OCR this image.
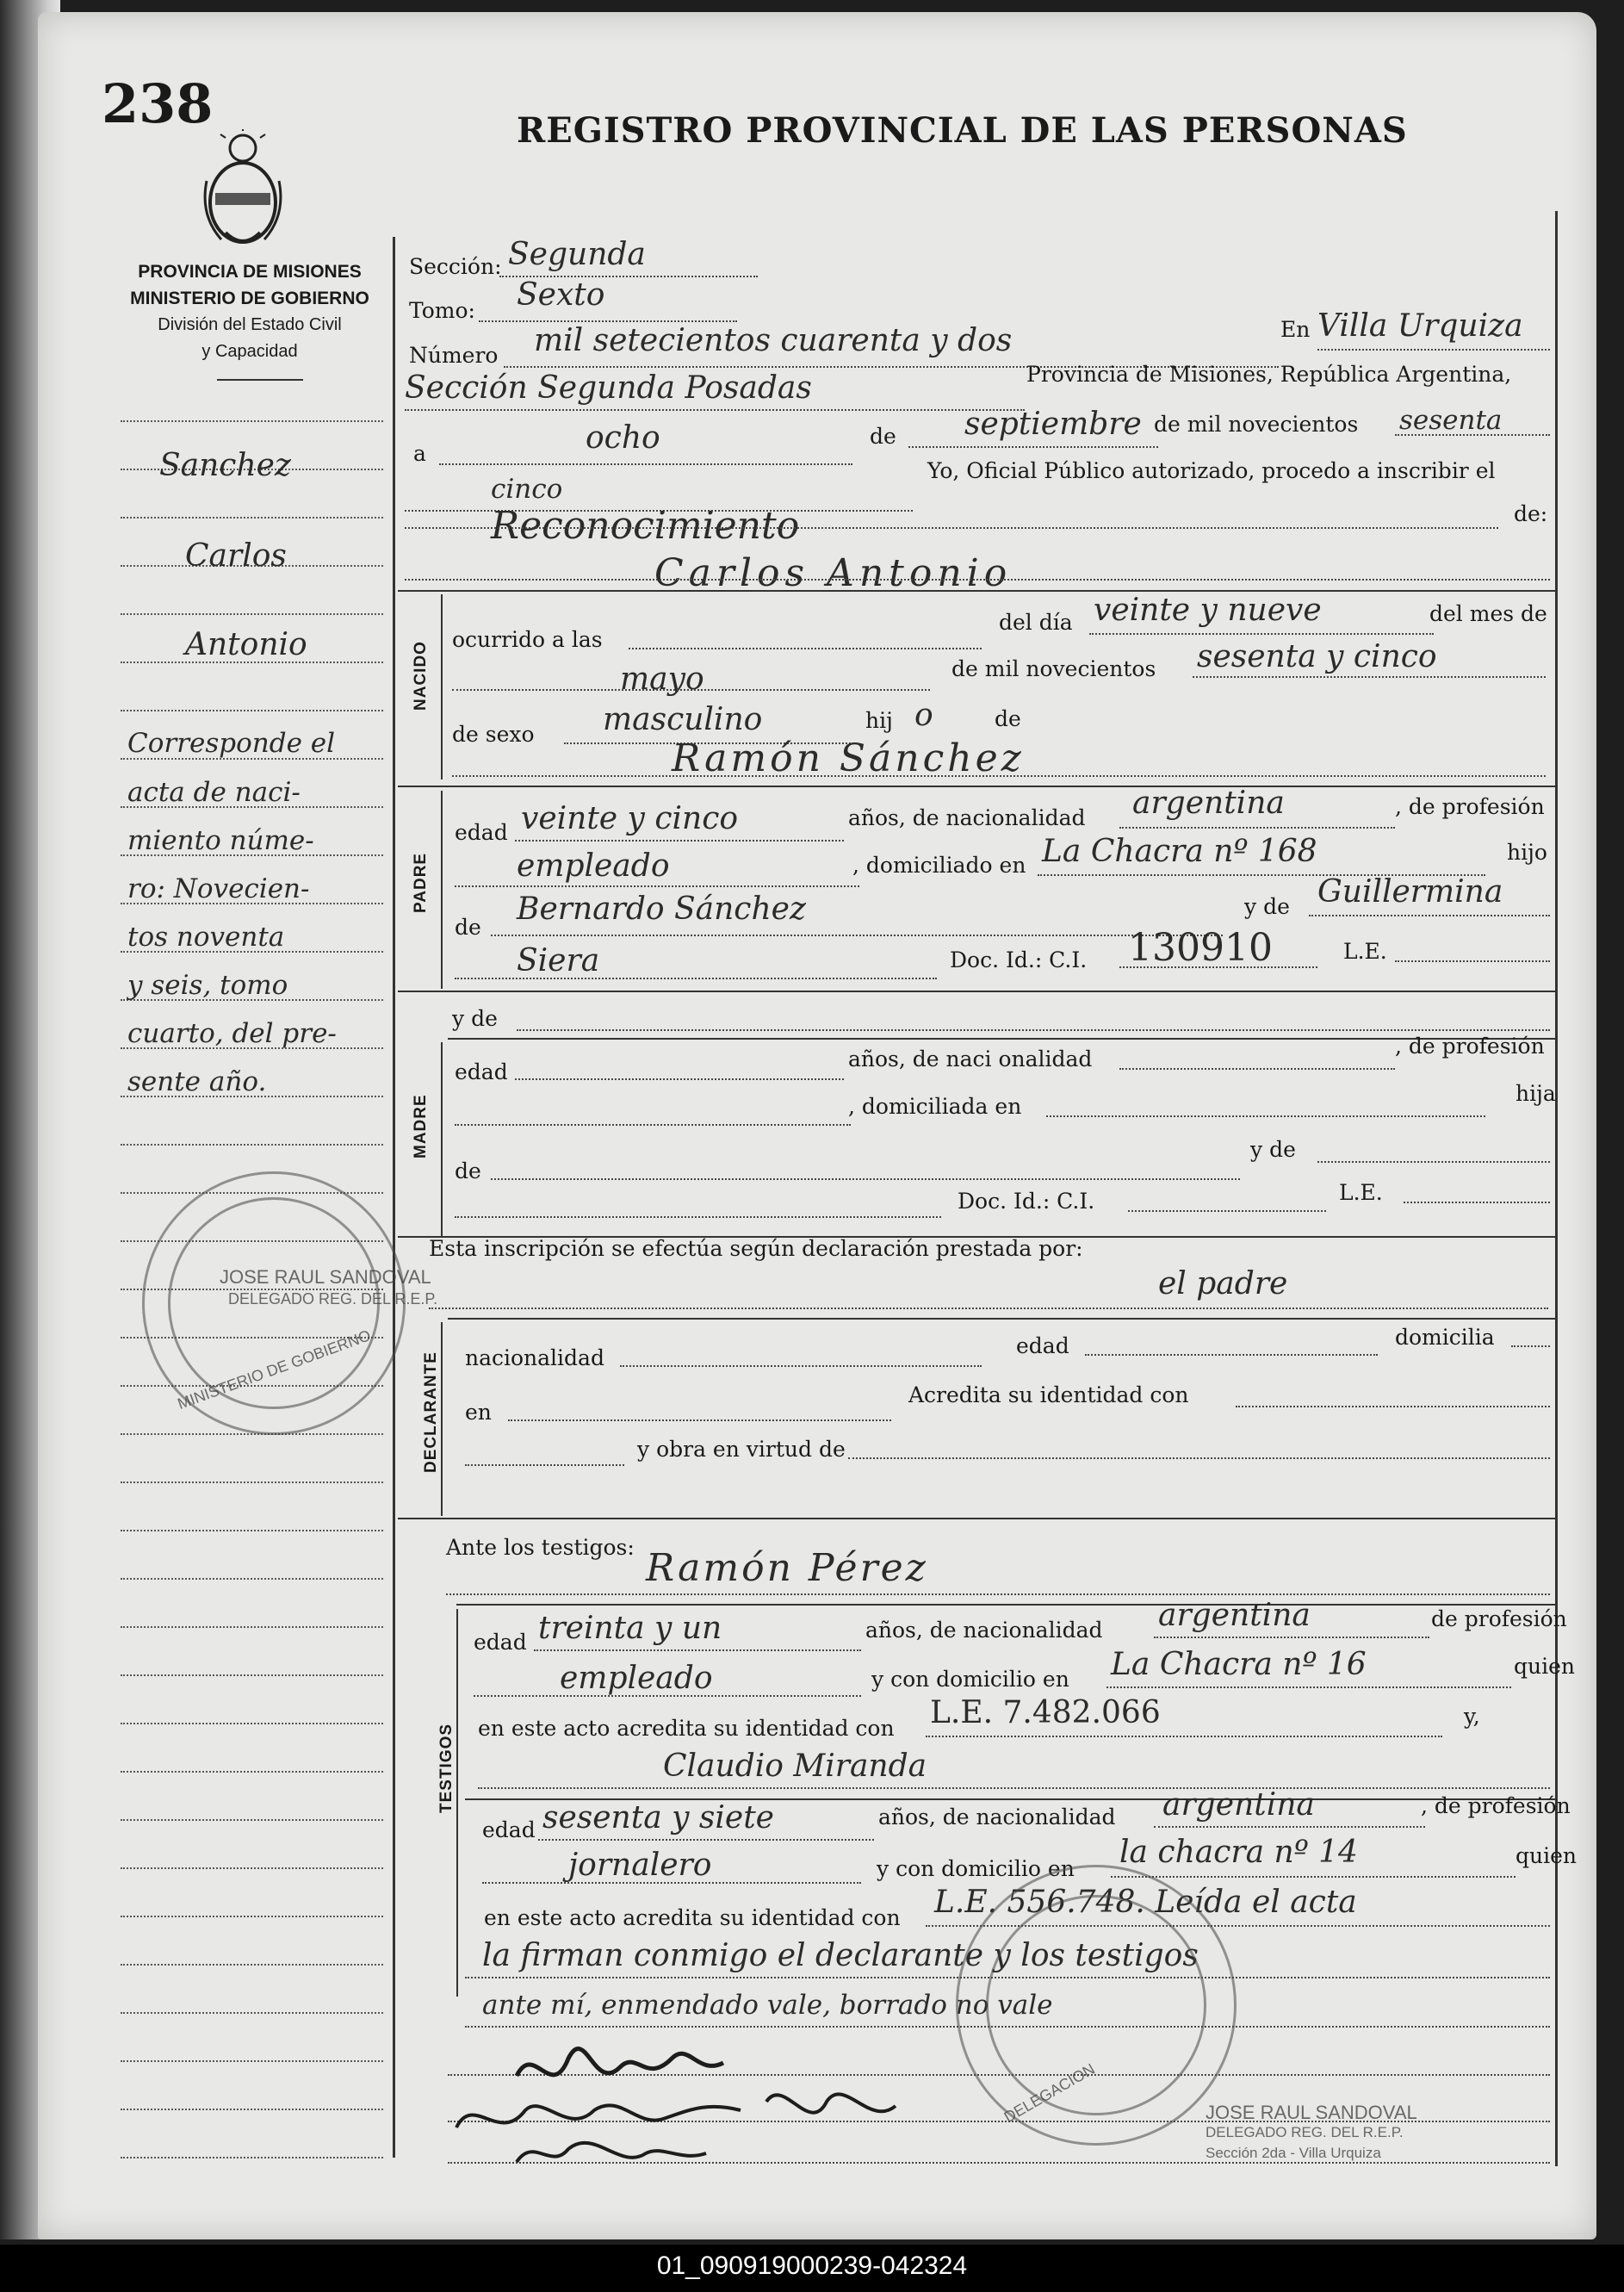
238	REGISTRO PROVINCIAL DE LAS PERSONAS
PROVINCIA DE MISIONES
MINISTERIO DE GOBIERNO
División del Estado Civil
y Capacidad
Sanchez
Carlos
Antonio
Corresponde el
acta de naci-
miento núme-
ro: Novecien-
tos noventa
y seis, tomo
cuarto, del pre-
sente año.
Sección: Segunda
Tomo: Sexto
Número mil setecientos cuarenta y dos	En Villa Urquiza
Sección Segunda Posadas	Provincia de Misiones, República Argentina,
a	ocho	de septiembre de mil novecientos sesenta
cinco
Yo, Oficial Público autorizado, procedo a inscribir el
Reconocimiento	de:
Carlos Antonio
NACIDO
ocurrido a las
del día veinte y nueve	del mes de
mayo	de mil novecientos sesenta y cinco
de sexo masculino	hij o	de
Ramón Sánchez
PADRE
edad veinte y cinco	años, de nacionalidad argentina	, de profesión
empleado	, domiciliado en La Chacra nº 168	hijo
de
Bernardo Sánchez	y de Guillermina
Siera	Doc. Id.: C.I. 130910	L.E.
y de
MADRE
edad
años, de naci onalidad
, de profesión
, domiciliada en
hija
de
y de
Doc. Id.: C.I.	L.E.
Esta inscripción se efectúa según declaración prestada por:
el padre
DECLARANTE nacionalidad	edad	domicilia
en
Acredita su identidad con
y obra en virtud de
Ante los testigos: Ramón Pérez
TESTIGOS
edad treinta y un	años, de nacionalidad argentina	de profesión
empleado	y con domicilio en La Chacra nº 16	quien
en este acto acredita su identidad con L.E. 7.482.066	y,
Claudio Miranda
edad sesenta y siete	años, de nacionalidad argentina	, de profesión
jornalero	y con domicilio en la chacra nº 14	quien
en este acto acredita su identidad con L.E. 556.748. Leída el acta
la firman conmigo el declarante y los testigos
ante mí, enmendado vale, borrado no vale
JOSE RAUL SANDOVAL
DELEGADO REG. DEL R.E.P.
MINISTERIO DE GOBIERNO
DELEGACION	JOSE RAUL SANDOVAL
DELEGADO REG. DEL R.E.P.
Sección 2da - Villa Urquiza
01_090919000239-042324
